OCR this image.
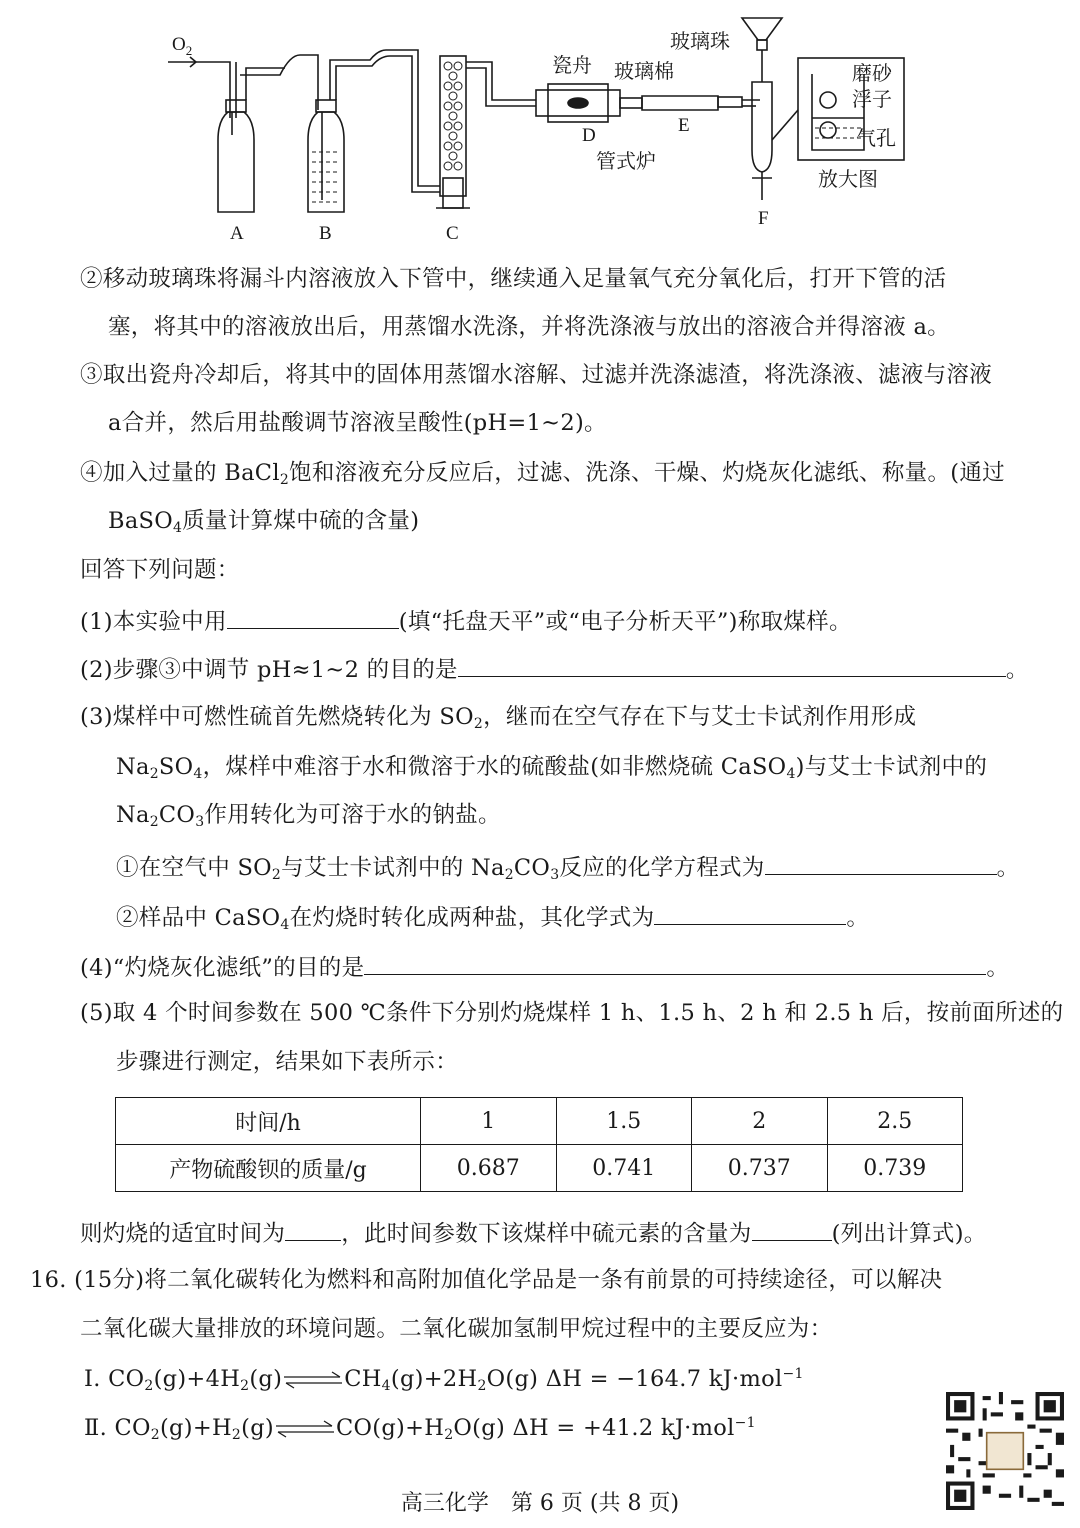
$O_2$	玻璃珠
瓷舟 玻璃棉
管式炉
磨砂
浮子
气孔
放大图
A	B	C
D	E
F
②移动玻璃珠将漏斗内溶液放入下管中，继续通入足量氧气充分氧化后，打开下管的活
塞，将其中的溶液放出后，用蒸馏水洗涤，并将洗涤液与放出的溶液合并得溶液 a。
③取出瓷舟冷却后，将其中的固体用蒸馏水溶解、过滤并洗涤滤渣，将洗涤液、滤液与溶液
a合并，然后用盐酸调节溶液呈酸性(pH=1~2)。
④加入过量的 BaCl$_2$饱和溶液充分反应后，过滤、洗涤、干燥、灼烧灰化滤纸、称量。(通过
BaSO$_4$质量计算煤中硫的含量)
回答下列问题：
(1)本实验中用	(填“托盘天平”或“电子分析天平”)称取煤样。
(2)步骤③中调节 pH≈1~2 的目的是	。
(3)煤样中可燃性硫首先燃烧转化为 $SO_2$，继而在空气存在下与艾士卡试剂作用形成
$Na_2SO_4$，煤样中难溶于水和微溶于水的硫酸盐(如非燃烧硫 CaSO$_4$)与艾士卡试剂中的
$Na_2CO_3$作用转化为可溶于水的钠盐。
①在空气中 $SO_2$与艾士卡试剂中的 $Na_2CO_3$反应的化学方程式为	。
②样品中 CaSO$_4$在灼烧时转化成两种盐，其化学式为	。
(4)“灼烧灰化滤纸”的目的是	。
(5)取 4 个时间参数在 500 ℃条件下分别灼烧煤样 1 h、1.5 h、2 h 和 2.5 h 后，按前面所述的
步骤进行测定，结果如下表所示：
时间/h	1	1.5	2	2.5
产物硫酸钡的质量/g	0.687	0.741	0.737	0.739
则灼烧的适宜时间为 ，此时间参数下该煤样中硫元素的含量为	(列出计算式)。
16. (15分)将二氧化碳转化为燃料和高附加值化学品是一条有前景的可持续途径，可以解决
二氧化碳大量排放的环境问题。二氧化碳加氢制甲烷过程中的主要反应为：
Ⅰ. $CO_2(g)+4H_2(g)\rightleftharpoons CH_4(g)+2H_2O(g) \Delta H = -164.7$ kJ·mol$^{-1}$
Ⅱ. $CO_2(g)+H_2(g)\rightleftharpoons CO(g)+H_2O(g) \Delta H = +41.2$ kJ·mol$^{-1}$
高三化学　第 6 页 (共 8 页)
